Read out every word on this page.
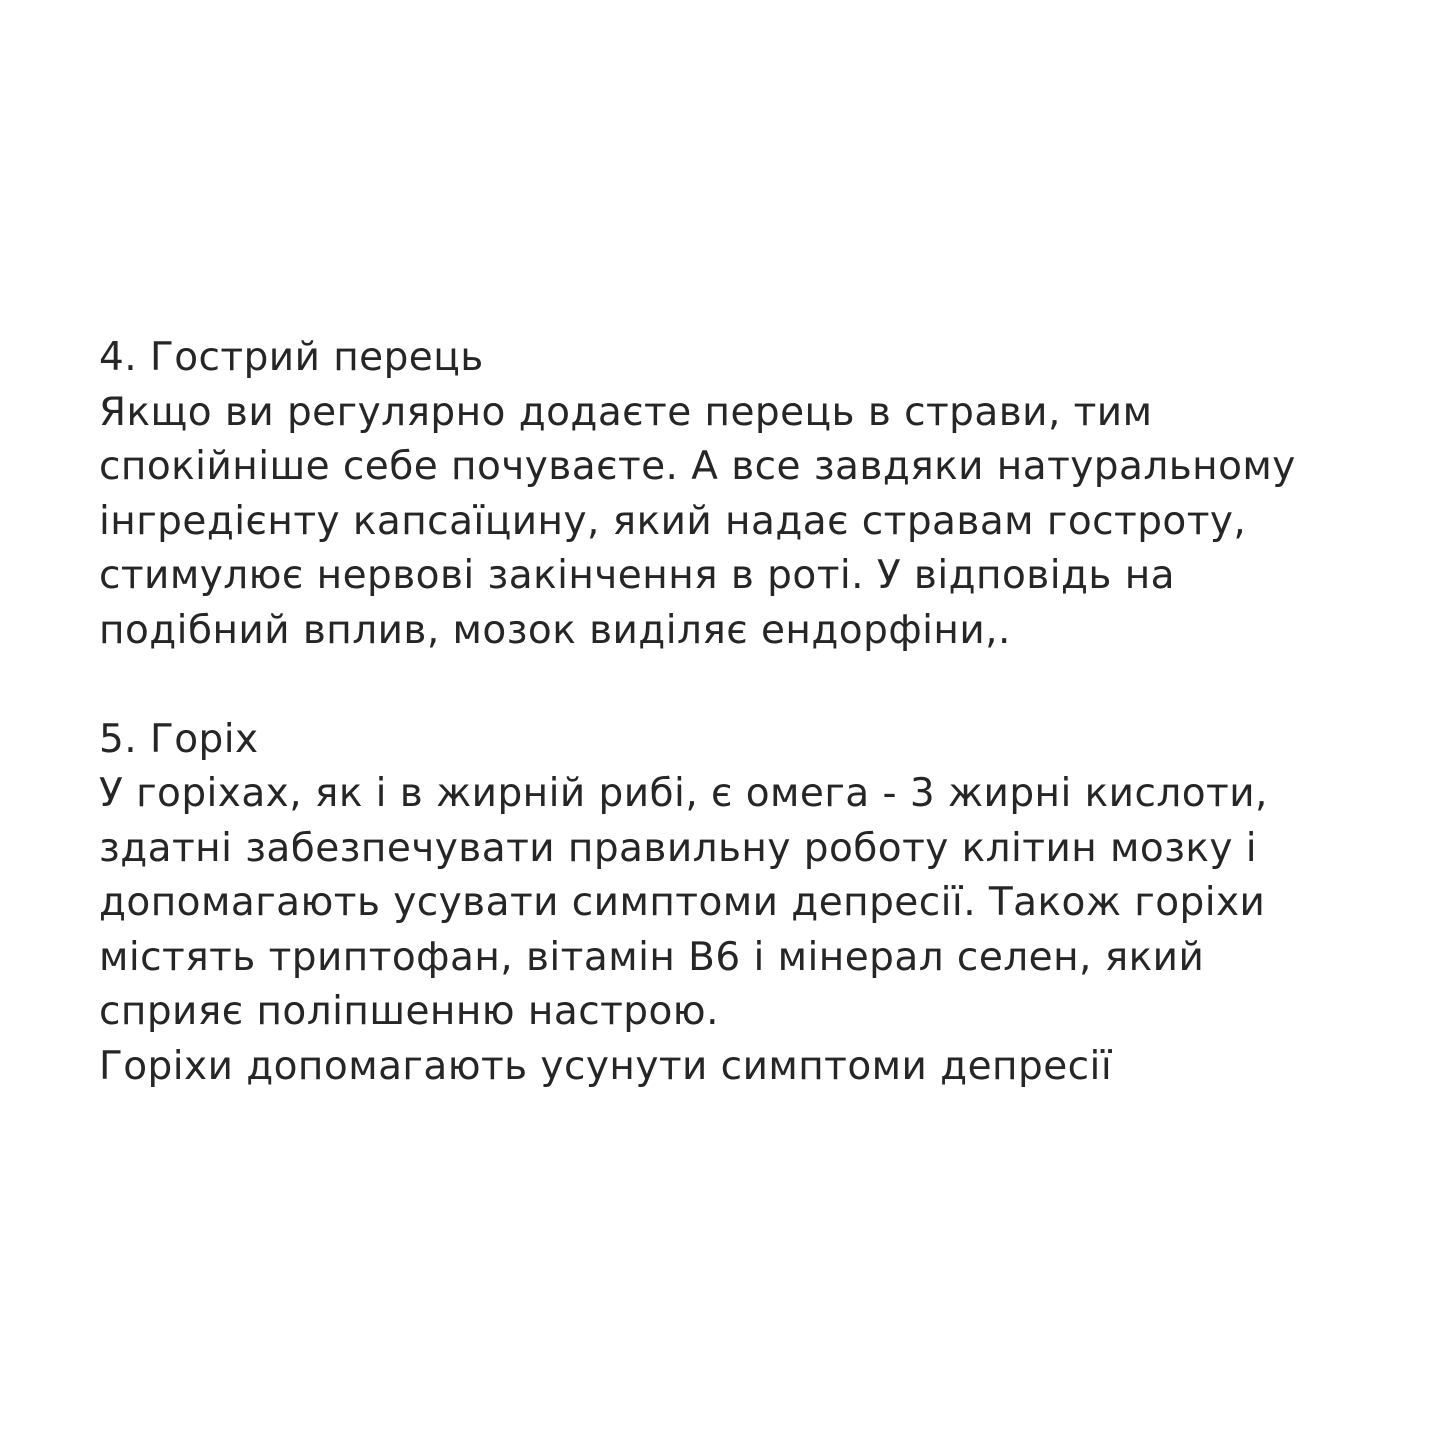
4. Гострий перець
Якщо ви регулярно додаєте перець в страви, тим
спокійніше себе почуваєте. А все завдяки натуральному
інгредієнту капсаїцину, який надає стравам гостроту,
стимулює нервові закінчення в роті. У відповідь на
подібний вплив, мозок виділяє ендорфіни,.
5. Горіх
У горіхах, як і в жирній рибі, є омега - 3 жирні кислоти,
здатні забезпечувати правильну роботу клітин мозку і
допомагають усувати симптоми депресії. Також горіхи
містять триптофан, вітамін В6 і мінерал селен, який
сприяє поліпшенню настрою.
Горіхи допомагають усунути симптоми депресії
